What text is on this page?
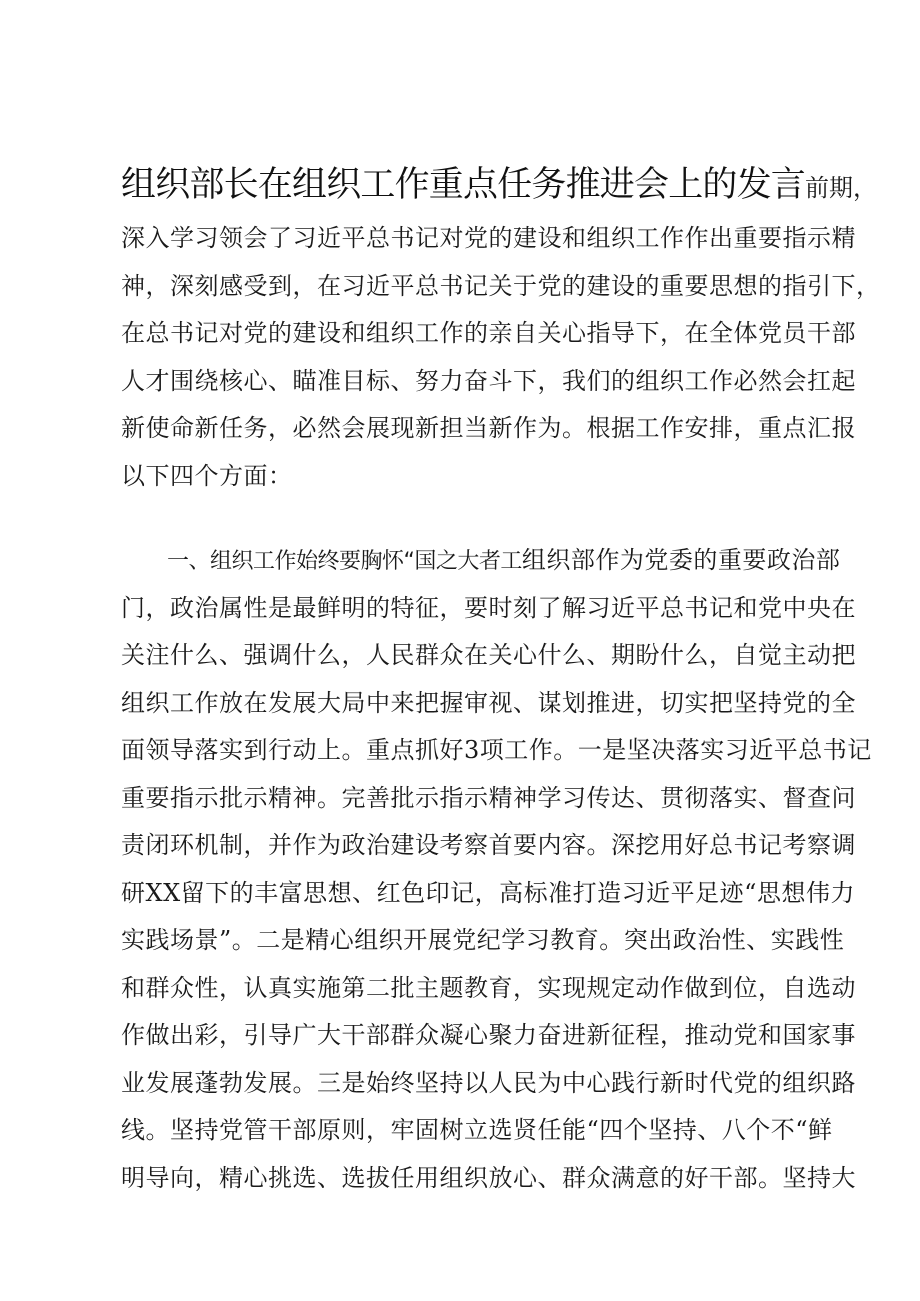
组织部长在组织工作重点任务推进会上的发言前期，
深入学习领会了习近平总书记对党的建设和组织工作作出重要指示精
神，深刻感受到，在习近平总书记关于党的建设的重要思想的指引下，
在总书记对党的建设和组织工作的亲自关心指导下，在全体党员干部
人才围绕核心、瞄准目标、努力奋斗下，我们的组织工作必然会扛起
新使命新任务，必然会展现新担当新作为。根据工作安排，重点汇报
以下四个方面：
一、组织工作始终要胸怀“国之大者工组织部作为党委的重要政治部
门，政治属性是最鲜明的特征，要时刻了解习近平总书记和党中央在
关注什么、强调什么，人民群众在关心什么、期盼什么，自觉主动把
组织工作放在发展大局中来把握审视、谋划推进，切实把坚持党的全
面领导落实到行动上。重点抓好3项工作。一是坚决落实习近平总书记
重要指示批示精神。完善批示指示精神学习传达、贯彻落实、督查问
责闭环机制，并作为政治建设考察首要内容。深挖用好总书记考察调
研XX留下的丰富思想、红色印记，高标准打造习近平足迹“思想伟力
实践场景”。二是精心组织开展党纪学习教育。突出政治性、实践性
和群众性，认真实施第二批主题教育，实现规定动作做到位，自选动
作做出彩，引导广大干部群众凝心聚力奋进新征程，推动党和国家事
业发展蓬勃发展。三是始终坚持以人民为中心践行新时代党的组织路
线。坚持党管干部原则，牢固树立选贤任能“四个坚持、八个不“鲜
明导向，精心挑选、选拔任用组织放心、群众满意的好干部。坚持大
